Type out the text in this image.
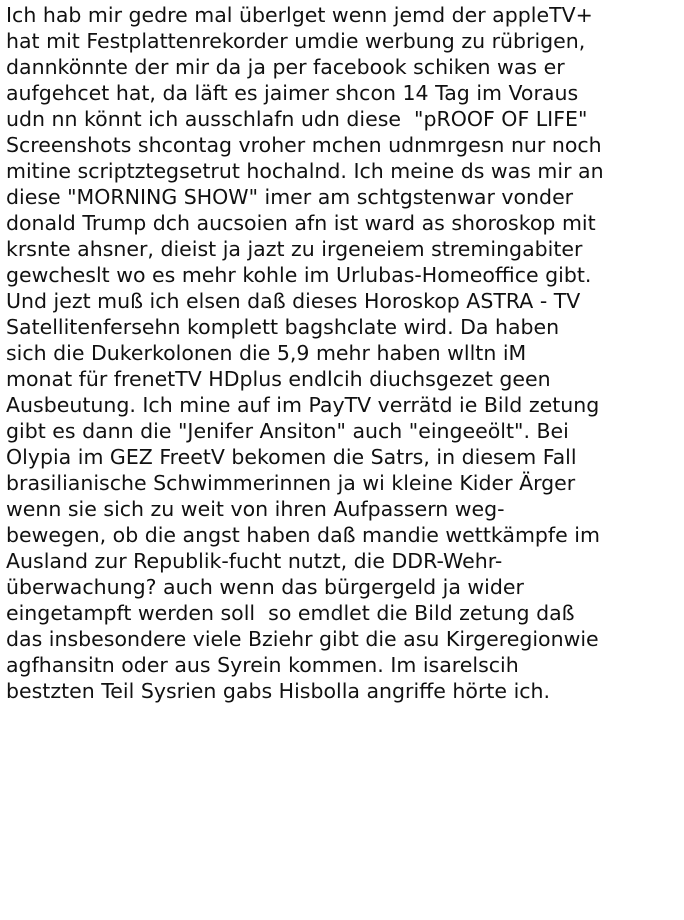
Ich hab mir gedre mal überlget wenn jemd der appleTV+
hat mit Festplattenrekorder umdie werbung zu rübrigen,
dannkönnte der mir da ja per facebook schiken was er
aufgehcet hat, da läft es jaimer shcon 14 Tag im Voraus
udn nn könnt ich ausschlafn udn diese  "pROOF OF LIFE"
Screenshots shcontag vroher mchen udnmrgesn nur noch
mitine scriptztegsetrut hochalnd. Ich meine ds was mir an
diese "MORNING SHOW" imer am schtgstenwar vonder
donald Trump dch aucsoien afn ist ward as shoroskop mit
krsnte ahsner, dieist ja jazt zu irgeneiem stremingabiter
gewcheslt wo es mehr kohle im Urlubas-Homeoffice gibt.
Und jezt muß ich elsen daß dieses Horoskop ASTRA - TV
Satellitenfersehn komplett bagshclate wird. Da haben
sich die Dukerkolonen die 5,9 mehr haben wlltn iM
monat für frenetTV HDplus endlcih diuchsgezet geen
Ausbeutung. Ich mine auf im PayTV verrätd ie Bild zetung
gibt es dann die "Jenifer Ansiton" auch "eingeeölt". Bei
Olypia im GEZ FreetV bekomen die Satrs, in diesem Fall
brasilianische Schwimmerinnen ja wi kleine Kider Ärger
wenn sie sich zu weit von ihren Aufpassern weg-
bewegen, ob die angst haben daß mandie wettkämpfe im
Ausland zur Republik-fucht nutzt, die DDR-Wehr-
überwachung? auch wenn das bürgergeld ja wider
eingetampft werden soll  so emdlet die Bild zetung daß
das insbesondere viele Bziehr gibt die asu Kirgeregionwie
agfhansitn oder aus Syrein kommen. Im isarelscih
bestzten Teil Sysrien gabs Hisbolla angriffe hörte ich.
